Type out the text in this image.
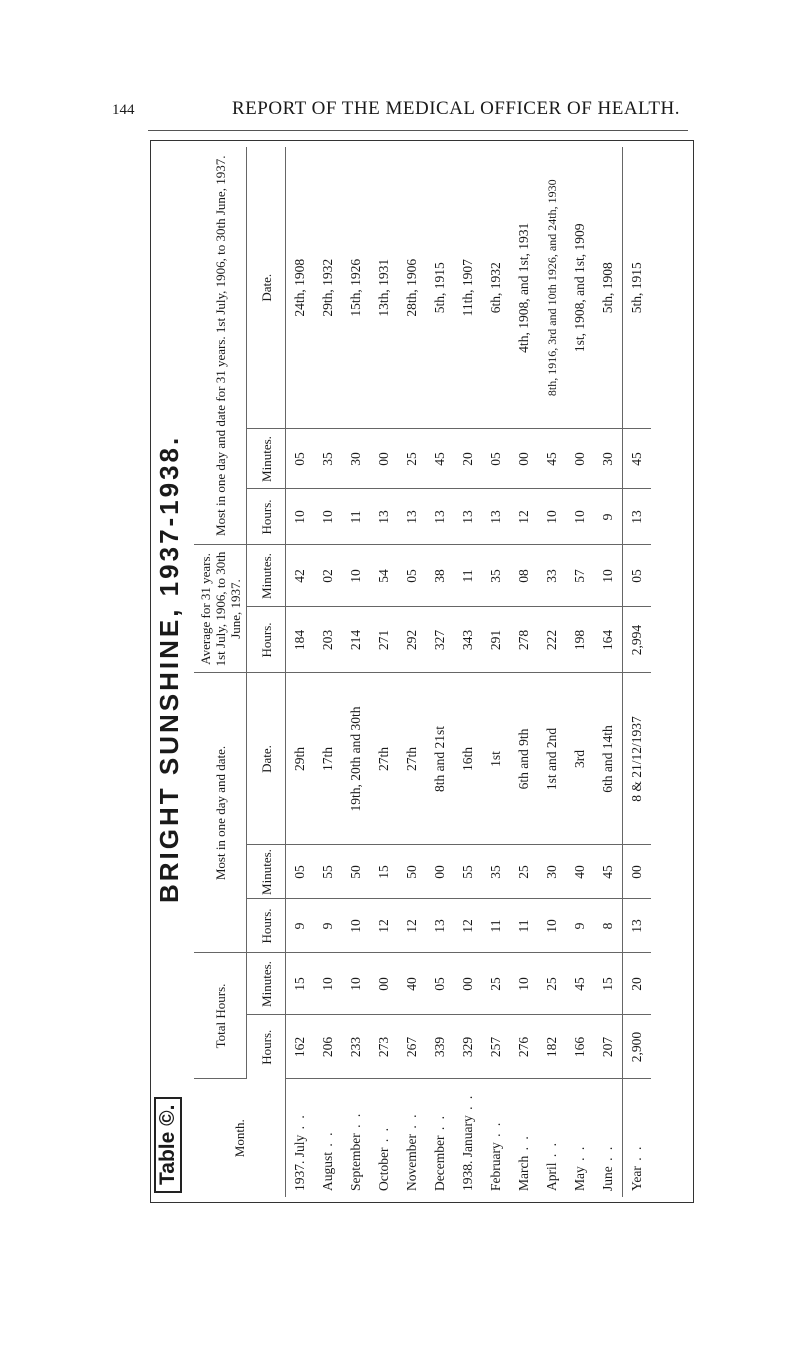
144	REPORT OF THE MEDICAL OFFICER OF HEALTH.
Table ©.
BRIGHT SUNSHINE, 1937-1938.
Month.	Total Hours.		Most in one day and date.			Average for 31 years. 1st July, 1906, to 30th June, 1937.		Most in one day and date for 31 years. 1st July, 1906, to 30th June, 1937.		
	Hours.	Minutes.	Hours.	Minutes.	Date.	Hours.	Minutes.	Hours.	Minutes.	Date.
1937. July . .	162	15	9	05	29th	184	42	10	05	24th, 1908
August . .	206	10	9	55	17th	203	02	10	35	29th, 1932
September . .	233	10	10	50	19th, 20th and 30th	214	10	11	30	15th, 1926
October . .	273	00	12	15	27th	271	54	13	00	13th, 1931
November . .	267	40	12	50	27th	292	05	13	25	28th, 1906
December . .	339	05	13	00	8th and 21st	327	38	13	45	5th, 1915
1938. January . .	329	00	12	55	16th	343	11	13	20	11th, 1907
February . .	257	25	11	35	1st	291	35	13	05	6th, 1932
March . .	276	10	11	25	6th and 9th	278	08	12	00	4th, 1908, and 1st, 1931
April . .	182	25	10	30	1st and 2nd	222	33	10	45	8th, 1916, 3rd and 10th 1926, and 24th, 1930
May . .	166	45	9	40	3rd	198	57	10	00	1st, 1908, and 1st, 1909
June . .	207	15	8	45	6th and 14th	164	10	9	30	5th, 1908
Year . .	2,900	20	13	00	8 & 21/12/1937	2,994	05	13	45	5th, 1915
